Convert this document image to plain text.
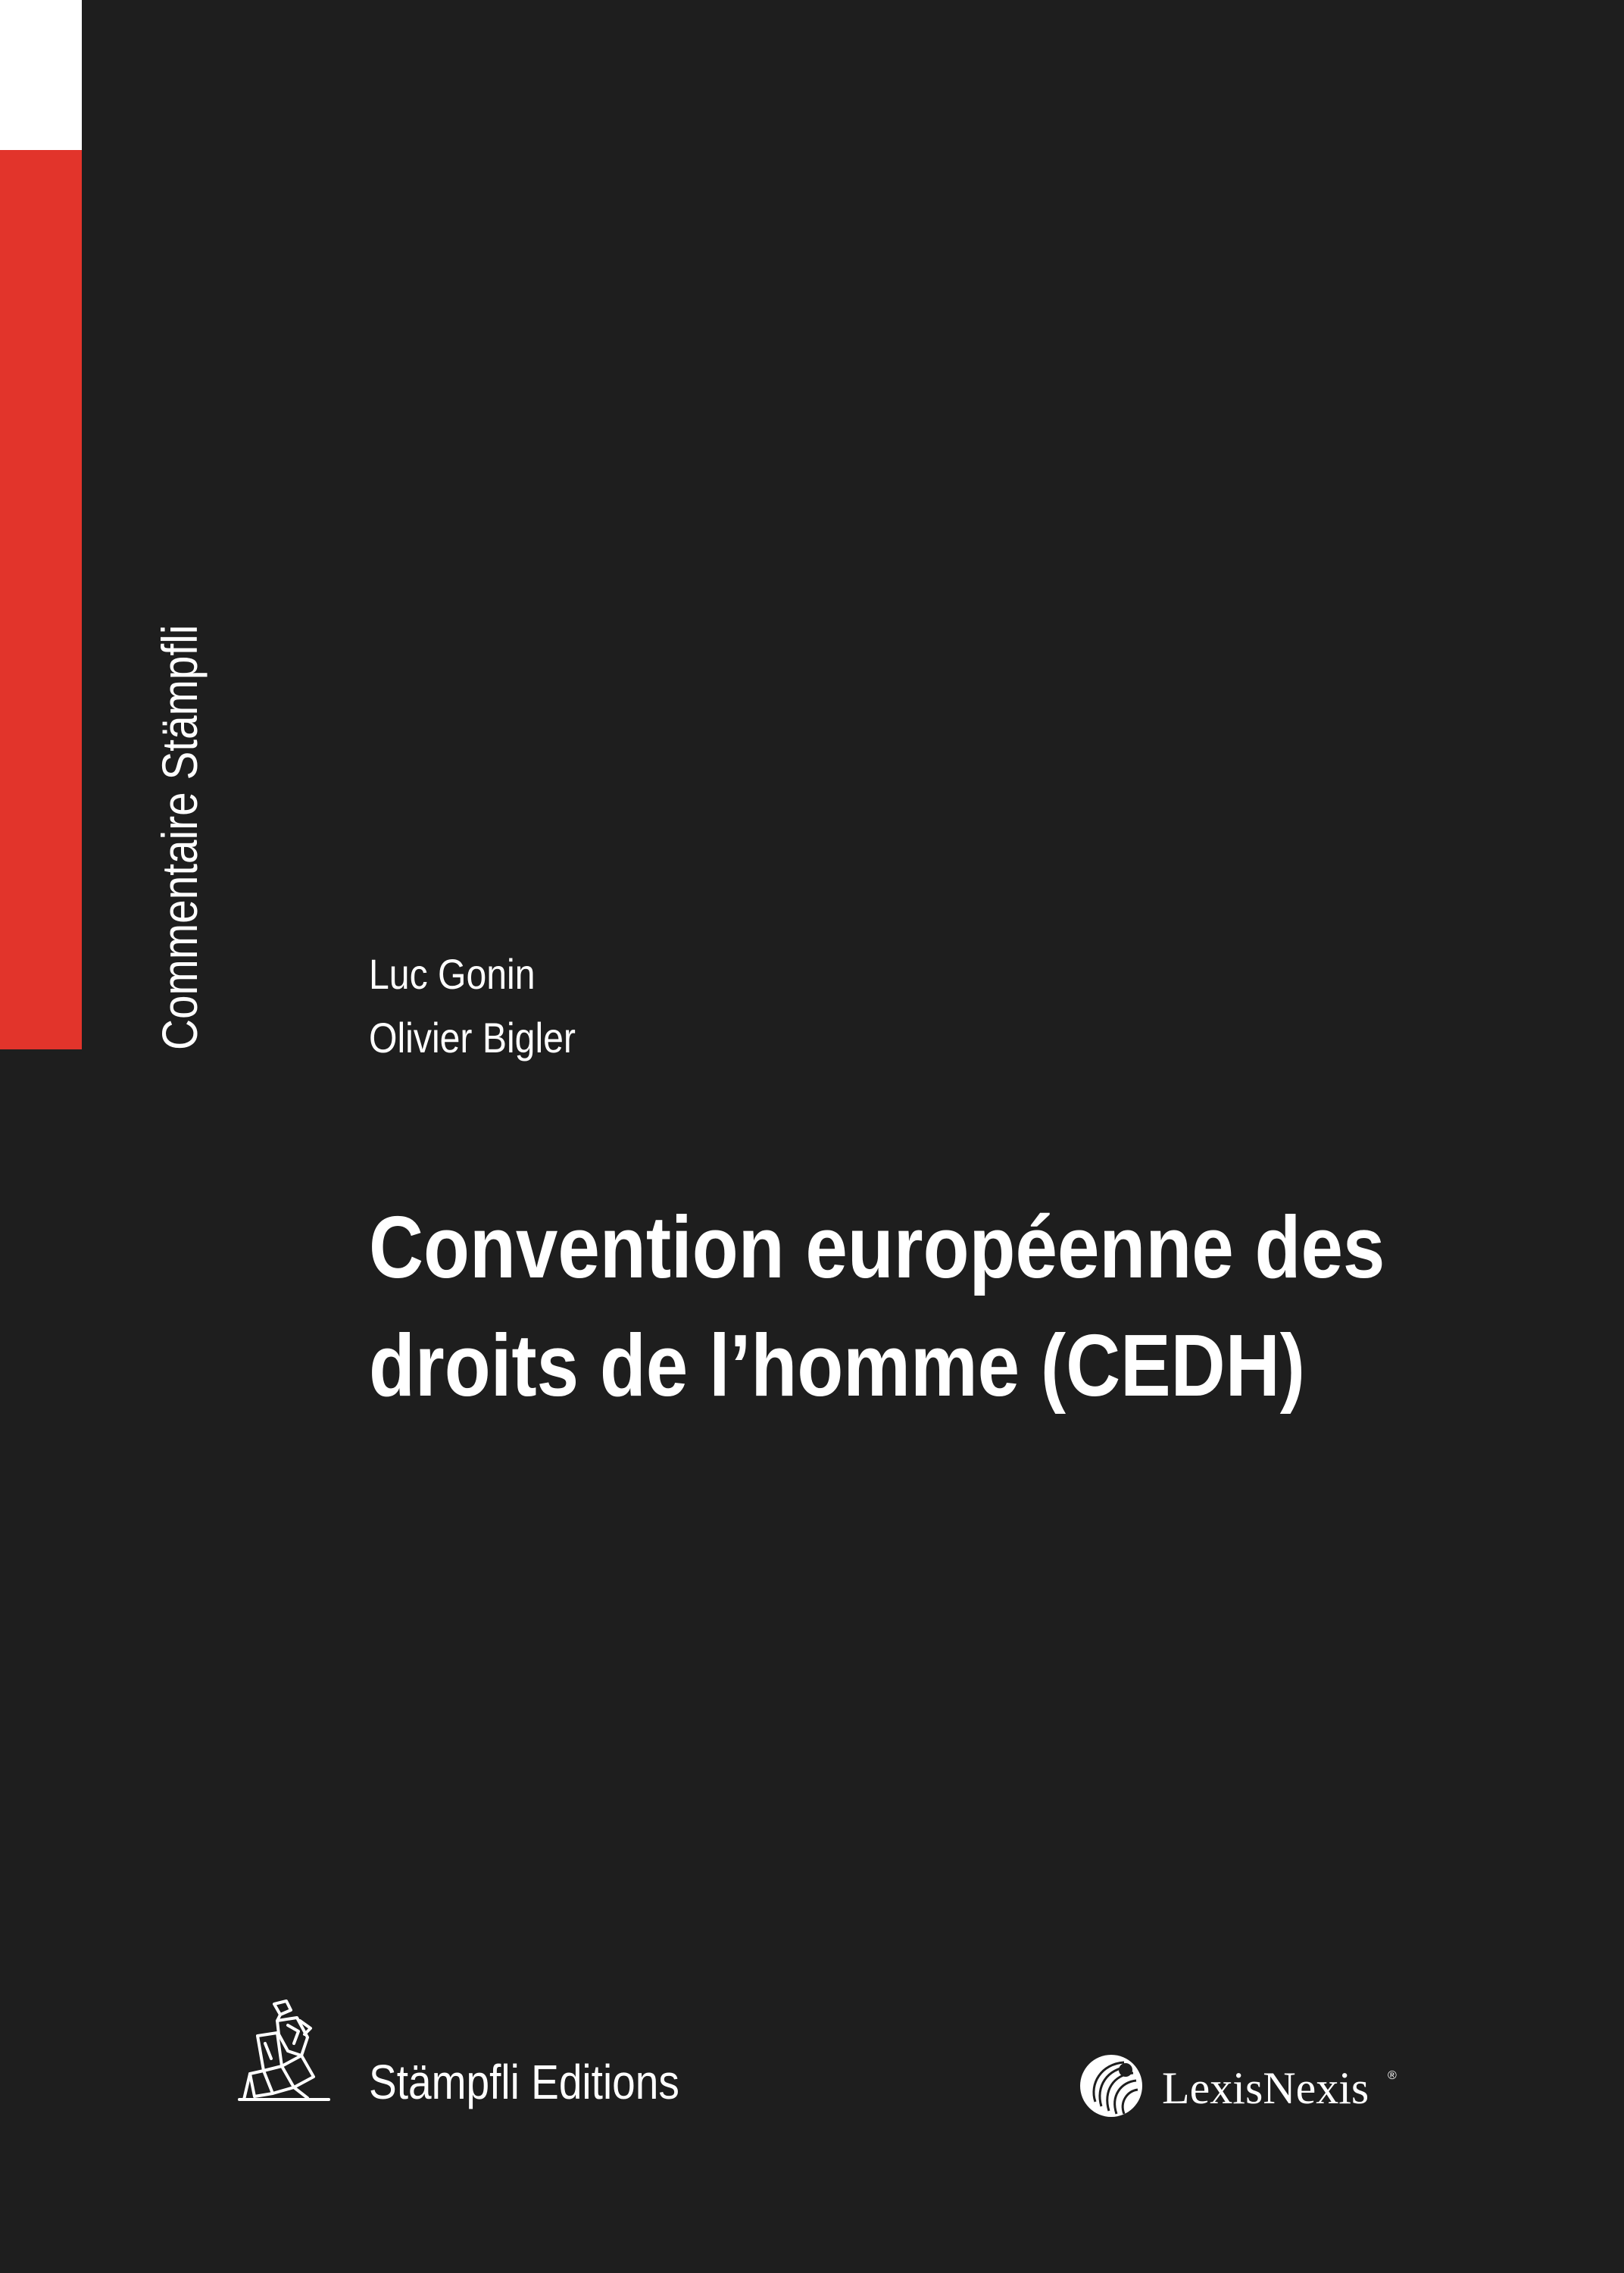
Commentaire Stämpfli	Luc Gonin
Olivier Bigler
Convention européenne des
droits de l’homme (CEDH)
Stämpfli Editions	LexisNexis ®
